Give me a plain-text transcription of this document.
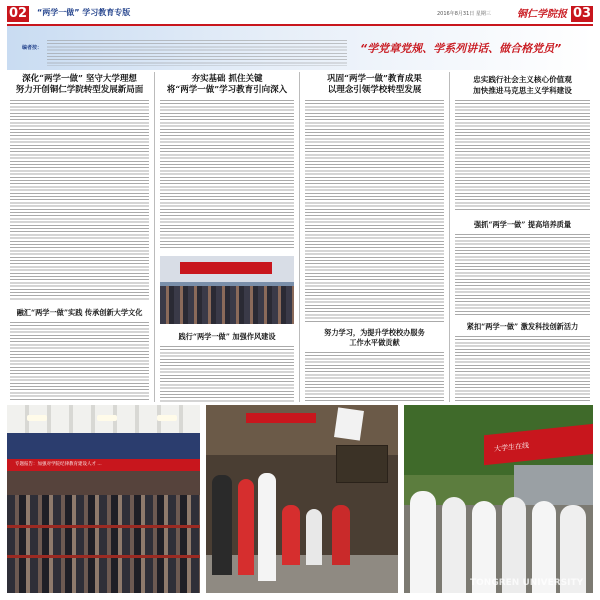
02 “两学一做” 学习教育专版	2016年8月31日 星期三	铜仁学院报 03
编者按：	“学党章党规、学系列讲话、做合格党员”
深化“两学一做” 坚守大学理想
努力开创铜仁学院转型发展新局面
融汇“两学一做”实践 传承创新大学文化
夯实基础 抓住关键
将“两学一做”学习教育引向深入
践行“两学一做” 加强作风建设
巩固“两学一做”教育成果
以理念引领学校转型发展
努力学习，为提升学校校办服务
工作水平做贡献
忠实践行社会主义核心价值观
加快推进马克思主义学科建设
强抓“两学一做” 提高培养质量
紧扣“两学一做” 激发科技创新活力
专题报告：加强对学院纪律教育建设人才 ...
大学生在线
TONGREN UNIVERSITY
